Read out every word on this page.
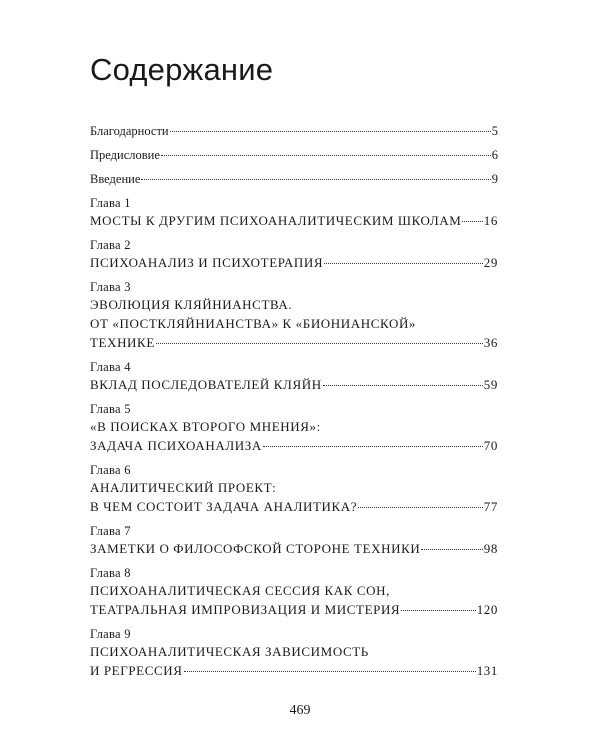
Содержание
Благодарности	5
Предисловие	6
Введение	9
Глава 1
МОСТЫ К ДРУГИМ ПСИХОАНАЛИТИЧЕСКИМ ШКОЛАМ 16
Глава 2
ПСИХОАНАЛИЗ И ПСИХОТЕРАПИЯ	29
Глава 3
ЭВОЛЮЦИЯ КЛЯЙНИАНСТВА.
ОТ «ПОСТКЛЯЙНИАНСТВА» К «БИОНИАНСКОЙ»
ТЕХНИКЕ	36
Глава 4
ВКЛАД ПОСЛЕДОВАТЕЛЕЙ КЛЯЙН	59
Глава 5
«В ПОИСКАХ ВТОРОГО МНЕНИЯ»:
ЗАДАЧА ПСИХОАНАЛИЗА	70
Глава 6
АНАЛИТИЧЕСКИЙ ПРОЕКТ:
В ЧЕМ СОСТОИТ ЗАДАЧА АНАЛИТИКА?	77
Глава 7
ЗАМЕТКИ О ФИЛОСОФСКОЙ СТОРОНЕ ТЕХНИКИ	98
Глава 8
ПСИХОАНАЛИТИЧЕСКАЯ СЕССИЯ КАК СОН,
ТЕАТРАЛЬНАЯ ИМПРОВИЗАЦИЯ И МИСТЕРИЯ	120
Глава 9
ПСИХОАНАЛИТИЧЕСКАЯ ЗАВИСИМОСТЬ
И РЕГРЕССИЯ	131
469
